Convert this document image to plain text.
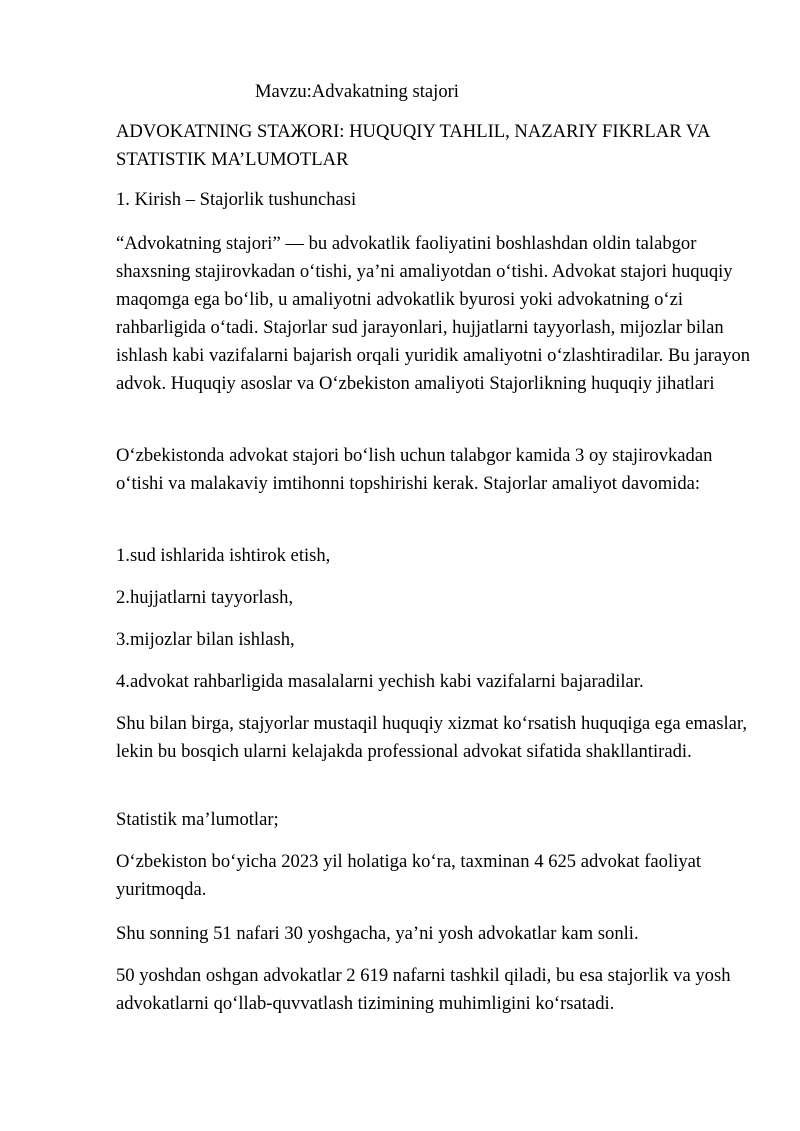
Mavzu:Advakatning stajori

ADVOKATNING STAЖORI: HUQUQIY TAHLIL, NAZARIY FIKRLAR VA STATISTIK MA’LUMOTLAR

1. Kirish – Stajorlik tushunchasi

“Advokatning stajori” — bu advokatlik faoliyatini boshlashdan oldin talabgor shaxsning stajirovkadan o‘tishi, ya’ni amaliyotdan o‘tishi. Advokat stajori huquqiy maqomga ega bo‘lib, u amaliyotni advokatlik byurosi yoki advokatning o‘zi rahbarligida o‘tadi. Stajorlar sud jarayonlari, hujjatlarni tayyorlash, mijozlar bilan ishlash kabi vazifalarni bajarish orqali yuridik amaliyotni o‘zlashtiradilar. Bu jarayon advok. Huquqiy asoslar va O‘zbekiston amaliyoti Stajorlikning huquqiy jihatlari

O‘zbekistonda advokat stajori bo‘lish uchun talabgor kamida 3 oy stajirovkadan o‘tishi va malakaviy imtihonni topshirishi kerak. Stajorlar amaliyot davomida:

1.sud ishlarida ishtirok etish,

2.hujjatlarni tayyorlash,

3.mijozlar bilan ishlash,

4.advokat rahbarligida masalalarni yechish kabi vazifalarni bajaradilar.

Shu bilan birga, stajyorlar mustaqil huquqiy xizmat ko‘rsatish huquqiga ega emaslar, lekin bu bosqich ularni kelajakda professional advokat sifatida shakllantiradi.

Statistik ma’lumotlar;

O‘zbekiston bo‘yicha 2023 yil holatiga ko‘ra, taxminan 4 625 advokat faoliyat yuritmoqda.

Shu sonning 51 nafari 30 yoshgacha, ya’ni yosh advokatlar kam sonli.

50 yoshdan oshgan advokatlar 2 619 nafarni tashkil qiladi, bu esa stajorlik va yosh advokatlarni qo‘llab-quvvatlash tizimining muhimligini ko‘rsatadi.
